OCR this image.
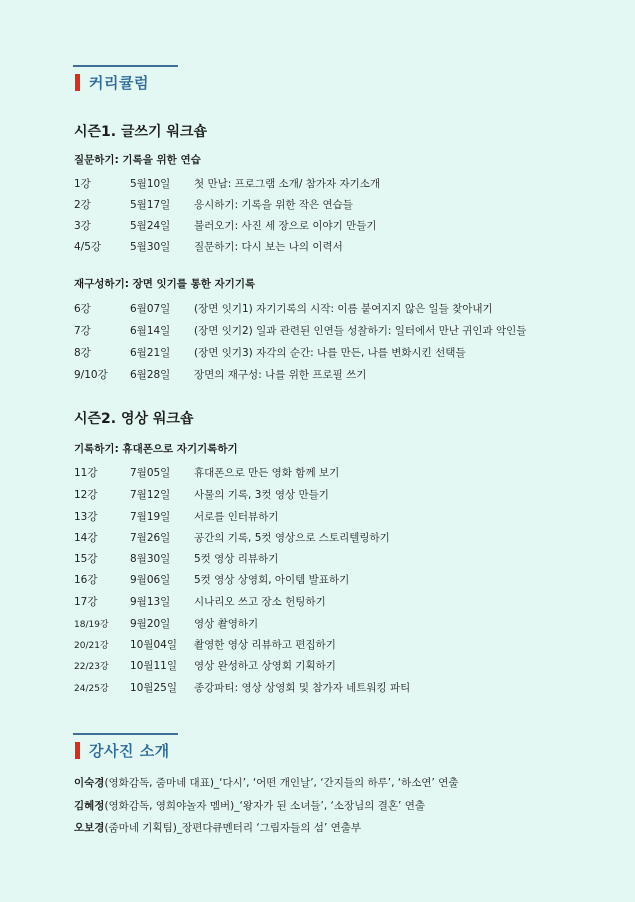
커리큘럼
시즌1. 글쓰기 워크숍
질문하기: 기록을 위한 연습
1강	5월10일 첫 만남: 프로그램 소개/ 참가자 자기소개
2강	5월17일 응시하기: 기록을 위한 작은 연습들
3강	5월24일 불러오기: 사진 세 장으로 이야기 만들기
4/5강	5월30일 질문하기: 다시 보는 나의 이력서
재구성하기: 장면 잇기를 통한 자기기록
6강	6월07일 (장면 잇기1) 자기기록의 시작: 이름 붙여지지 않은 일들 찾아내기
7강	6월14일 (장면 잇기2) 일과 관련된 인연들 성찰하기: 일터에서 만난 귀인과 악인들
8강	6월21일 (장면 잇기3) 자각의 순간: 나를 만든, 나를 변화시킨 선택들
9/10강 6월28일 장면의 재구성: 나를 위한 프로필 쓰기
시즌2. 영상 워크숍
기록하기: 휴대폰으로 자기기록하기
11강	7월05일 휴대폰으로 만든 영화 함께 보기
12강	7월12일 사물의 기록, 3컷 영상 만들기
13강	7월19일 서로를 인터뷰하기
14강	7월26일 공간의 기록, 5컷 영상으로 스토리텔링하기
15강	8월30일 5컷 영상 리뷰하기
16강	9월06일 5컷 영상 상영회, 아이템 발표하기
17강	9월13일 시나리오 쓰고 장소 헌팅하기
18/19강 9월20일 영상 촬영하기
20/21강 10월04일 촬영한 영상 리뷰하고 편집하기
22/23강 10월11일 영상 완성하고 상영회 기획하기
24/25강 10월25일 종강파티: 영상 상영회 및 참가자 네트워킹 파티
강사진 소개
이숙경(영화감독, 줌마네 대표)_‘다시’, ‘어떤 개인날’, ‘간지들의 하루’, ‘하소연’ 연출
김혜정(영화감독, 영희야놀자 멤버)_‘왕자가 된 소녀들’, ‘소장님의 결혼’ 연출
오보경(줌마네 기획팀)_장편다큐멘터리 ‘그림자들의 섬’ 연출부
